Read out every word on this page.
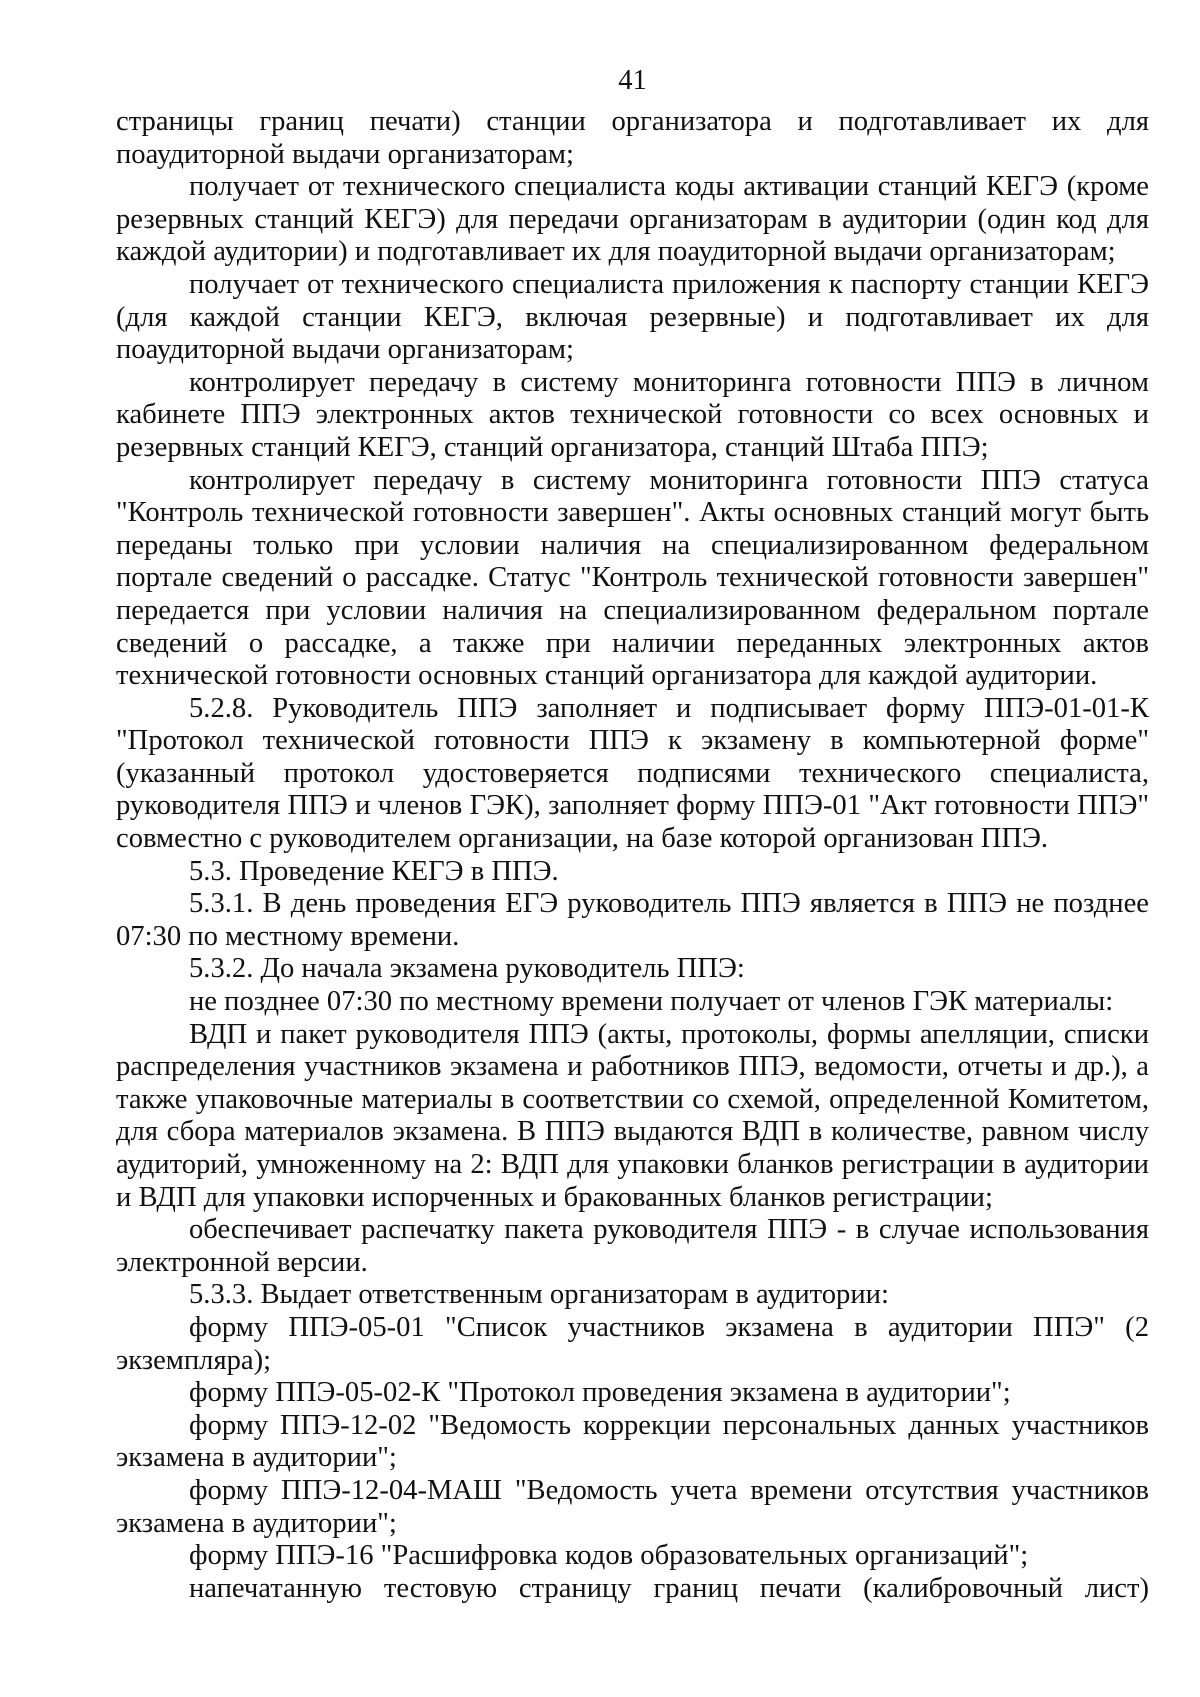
41

страницы границ печати) станции организатора и подготавливает их для поаудиторной выдачи организаторам;

получает от технического специалиста коды активации станций КЕГЭ (кроме резервных станций КЕГЭ) для передачи организаторам в аудитории (один код для каждой аудитории) и подготавливает их для поаудиторной выдачи организаторам;

получает от технического специалиста приложения к паспорту станции КЕГЭ (для каждой станции КЕГЭ, включая резервные) и подготавливает их для поаудиторной выдачи организаторам;

контролирует передачу в систему мониторинга готовности ППЭ в личном кабинете ППЭ электронных актов технической готовности со всех основных и резервных станций КЕГЭ, станций организатора, станций Штаба ППЭ;

контролирует передачу в систему мониторинга готовности ППЭ статуса "Контроль технической готовности завершен". Акты основных станций могут быть переданы только при условии наличия на специализированном федеральном портале сведений о рассадке. Статус "Контроль технической готовности завершен" передается при условии наличия на специализированном федеральном портале сведений о рассадке, а также при наличии переданных электронных актов технической готовности основных станций организатора для каждой аудитории.

5.2.8. Руководитель ППЭ заполняет и подписывает форму ППЭ-01-01-К "Протокол технической готовности ППЭ к экзамену в компьютерной форме" (указанный протокол удостоверяется подписями технического специалиста, руководителя ППЭ и членов ГЭК), заполняет форму ППЭ-01 "Акт готовности ППЭ" совместно с руководителем организации, на базе которой организован ППЭ.

5.3. Проведение КЕГЭ в ППЭ.

5.3.1. В день проведения ЕГЭ руководитель ППЭ является в ППЭ не позднее 07:30 по местному времени.

5.3.2. До начала экзамена руководитель ППЭ:

не позднее 07:30 по местному времени получает от членов ГЭК материалы:

ВДП и пакет руководителя ППЭ (акты, протоколы, формы апелляции, списки распределения участников экзамена и работников ППЭ, ведомости, отчеты и др.), а также упаковочные материалы в соответствии со схемой, определенной Комитетом, для сбора материалов экзамена. В ППЭ выдаются ВДП в количестве, равном числу аудиторий, умноженному на 2: ВДП для упаковки бланков регистрации в аудитории и ВДП для упаковки испорченных и бракованных бланков регистрации;

обеспечивает распечатку пакета руководителя ППЭ - в случае использования электронной версии.

5.3.3. Выдает ответственным организаторам в аудитории:

форму ППЭ-05-01 "Список участников экзамена в аудитории ППЭ" (2 экземпляра);

форму ППЭ-05-02-К "Протокол проведения экзамена в аудитории";

форму ППЭ-12-02 "Ведомость коррекции персональных данных участников экзамена в аудитории";

форму ППЭ-12-04-МАШ "Ведомость учета времени отсутствия участников экзамена в аудитории";

форму ППЭ-16 "Расшифровка кодов образовательных организаций";

напечатанную тестовую страницу границ печати (калибровочный лист)
